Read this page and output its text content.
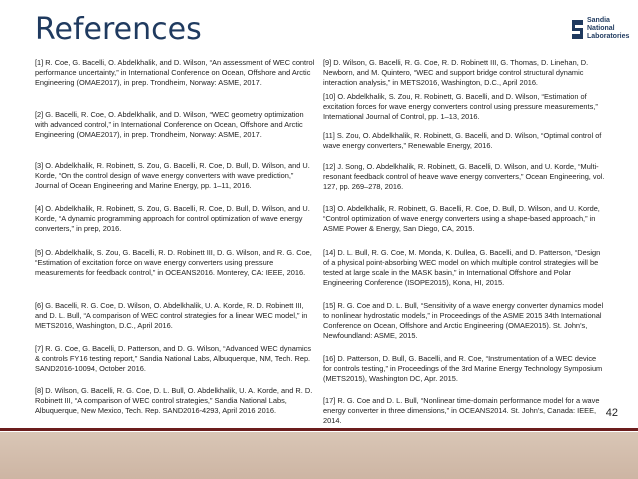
References	Sandia
National
Laboratories

[1] R. Coe, G. Bacelli, O. Abdelkhalik, and D. Wilson, “An assessment of WEC control performance uncertainty,” in International Conference on Ocean, Offshore and Arctic Engineering (OMAE2017), in prep. Trondheim, Norway: ASME, 2017.

[2] G. Bacelli, R. Coe, O. Abdelkhalik, and D. Wilson, “WEC geometry optimization with advanced control,” in International Conference on Ocean, Offshore and Arctic Engineering (OMAE2017), in prep. Trondheim, Norway: ASME, 2017.

[3] O. Abdelkhalik, R. Robinett, S. Zou, G. Bacelli, R. Coe, D. Bull, D. Wilson, and U. Korde, “On the control design of wave energy converters with wave prediction,” Journal of Ocean Engineering and Marine Energy, pp. 1–11, 2016.

[4] O. Abdelkhalik, R. Robinett, S. Zou, G. Bacelli, R. Coe, D. Bull, D. Wilson, and U. Korde, “A dynamic programming approach for control optimization of wave energy converters,” in prep, 2016.

[5] O. Abdelkhalik, S. Zou, G. Bacelli, R. D. Robinett III, D. G. Wilson, and R. G. Coe, “Estimation of excitation force on wave energy converters using pressure measurements for feedback control,” in OCEANS2016. Monterey, CA: IEEE, 2016.

[6] G. Bacelli, R. G. Coe, D. Wilson, O. Abdelkhalik, U. A. Korde, R. D. Robinett III, and D. L. Bull, “A comparison of WEC control strategies for a linear WEC model,” in METS2016, Washington, D.C., April 2016.

[7] R. G. Coe, G. Bacelli, D. Patterson, and D. G. Wilson, “Advanced WEC dynamics & controls FY16 testing report,” Sandia National Labs, Albuquerque, NM, Tech. Rep. SAND2016-10094, October 2016.

[8] D. Wilson, G. Bacelli, R. G. Coe, D. L. Bull, O. Abdelkhalik, U. A. Korde, and R. D. Robinett III, “A comparison of WEC control strategies,” Sandia National Labs, Albuquerque, New Mexico, Tech. Rep. SAND2016-4293, April 2016 2016.

[9] D. Wilson, G. Bacelli, R. G. Coe, R. D. Robinett III, G. Thomas, D. Linehan, D. Newborn, and M. Quintero, “WEC and support bridge control structural dynamic interaction analysis,” in METS2016, Washington, D.C., April 2016.

[10] O. Abdelkhalik, S. Zou, R. Robinett, G. Bacelli, and D. Wilson, “Estimation of excitation forces for wave energy converters control using pressure measurements,” International Journal of Control, pp. 1–13, 2016.

[11] S. Zou, O. Abdelkhalik, R. Robinett, G. Bacelli, and D. Wilson, “Optimal control of wave energy converters,” Renewable Energy, 2016.

[12] J. Song, O. Abdelkhalik, R. Robinett, G. Bacelli, D. Wilson, and U. Korde, “Multi-resonant feedback control of heave wave energy converters,” Ocean Engineering, vol. 127, pp. 269–278, 2016.

[13] O. Abdelkhalik, R. Robinett, G. Bacelli, R. Coe, D. Bull, D. Wilson, and U. Korde, “Control optimization of wave energy converters using a shape-based approach,” in ASME Power & Energy, San Diego, CA, 2015.

[14] D. L. Bull, R. G. Coe, M. Monda, K. Dullea, G. Bacelli, and D. Patterson, “Design of a physical point-absorbing WEC model on which multiple control strategies will be tested at large scale in the MASK basin,” in International Offshore and Polar Engineering Conference (ISOPE2015), Kona, HI, 2015.

[15] R. G. Coe and D. L. Bull, “Sensitivity of a wave energy converter dynamics model to nonlinear hydrostatic models,” in Proceedings of the ASME 2015 34th International Conference on Ocean, Offshore and Arctic Engineering (OMAE2015). St. John’s, Newfoundland: ASME, 2015.

[16] D. Patterson, D. Bull, G. Bacelli, and R. Coe, “Instrumentation of a WEC device for controls testing,” in Proceedings of the 3rd Marine Energy Technology Symposium (METS2015), Washington DC, Apr. 2015.

[17] R. G. Coe and D. L. Bull, “Nonlinear time-domain performance model for a wave energy converter in three dimensions,” in OCEANS2014. St. John’s, Canada: IEEE, 2014.

42
